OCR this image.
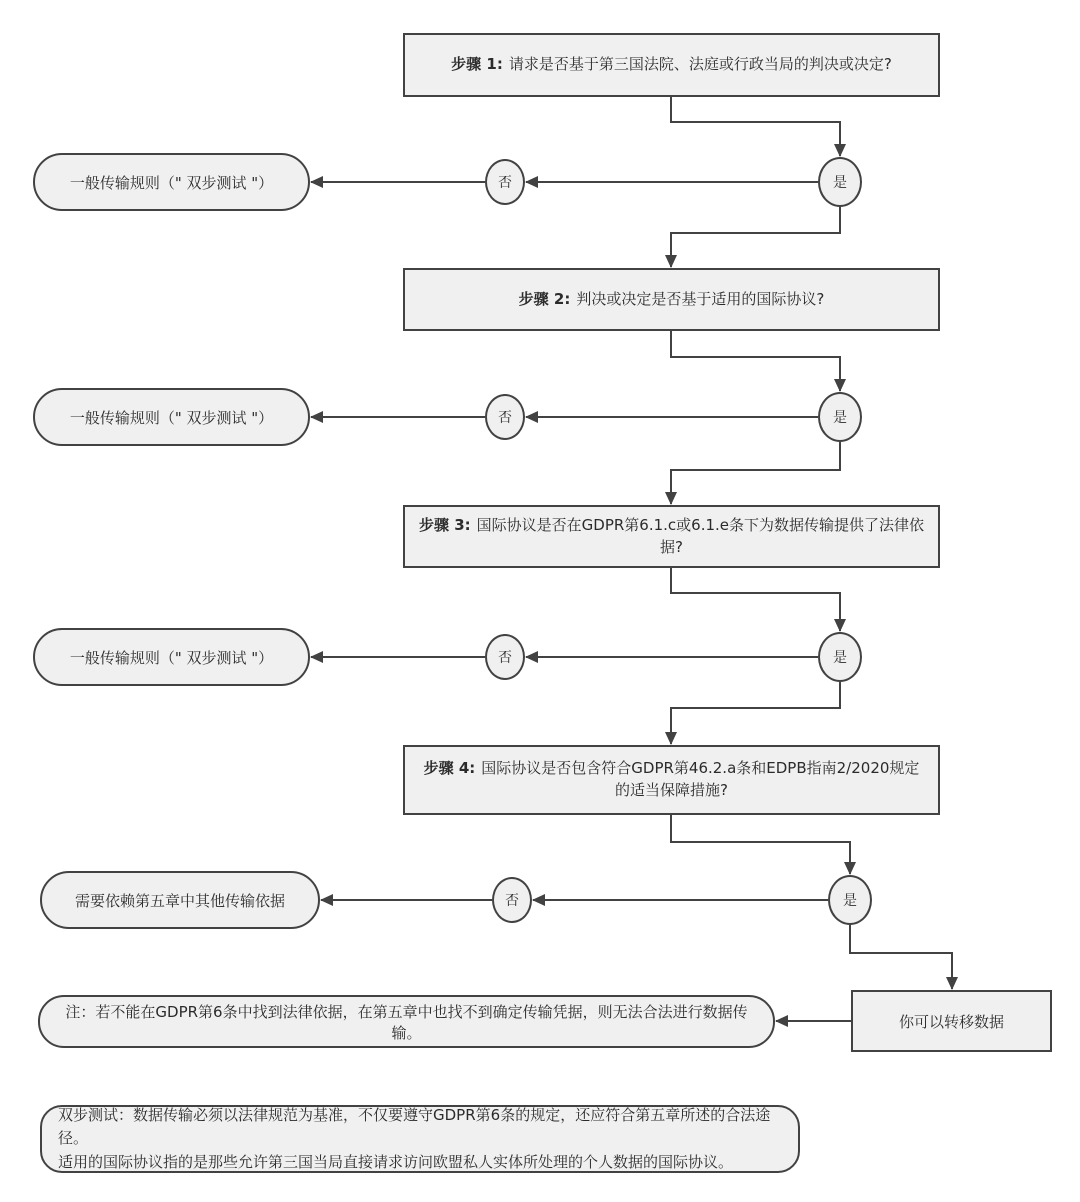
步骤 1: 请求是否基于第三国法院、法庭或行政当局的判决或决定?
步骤 2: 判决或决定是否基于适用的国际协议?
步骤 3: 国际协议是否在GDPR第6.1.c或6.1.e条下为数据传输提供了法律依据?
步骤 4: 国际协议是否包含符合GDPR第46.2.a条和EDPB指南2/2020规定的适当保障措施?
一般传输规则（" 双步测试 "）
一般传输规则（" 双步测试 "）
一般传输规则（" 双步测试 "）
需要依赖第五章中其他传输依据
是
否
是
否
是
否
是
否
你可以转移数据
注：若不能在GDPR第6条中找到法律依据，在第五章中也找不到确定传输凭据，则无法合法进行数据传输。
双步测试：数据传输必须以法律规范为基准，不仅要遵守GDPR第6条的规定，还应符合第五章所述的合法途径。
适用的国际协议指的是那些允许第三国当局直接请求访问欧盟私人实体所处理的个人数据的国际协议。
